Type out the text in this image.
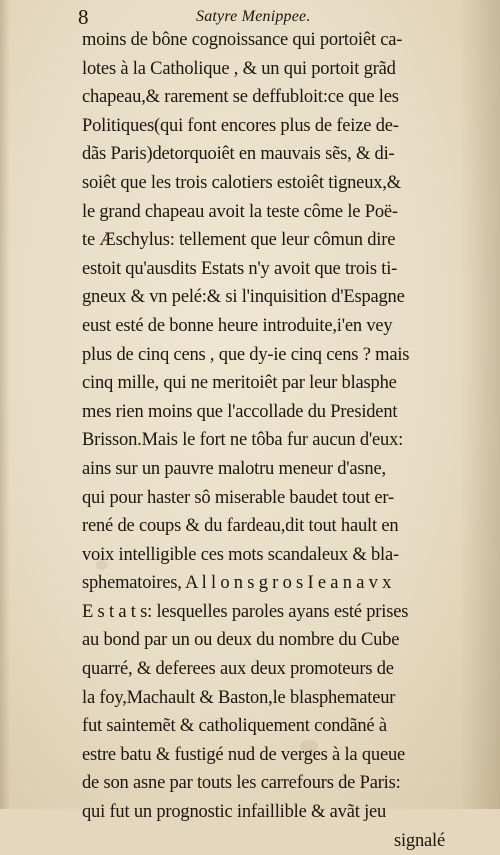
8	Satyre Menippee.
moins de bône cognoissance qui portoiêt ca-
lotes à la Catholique , & un qui portoit grãd
chapeau,& rarement se deffubloit:ce que les
Politiques(qui font encores plus de feize de-
dãs Paris)detorquoiêt en mauvais sẽs, & di-
soiêt que les trois calotiers estoiêt tigneux,&
le grand chapeau avoit la teste côme le Poë-
te Æschylus: tellement que leur cômun dire
estoit qu'ausdits Estats n'y avoit que trois ti-
gneux & vn pelé:& si l'inquisition d'Espagne
eust esté de bonne heure introduite,i'en vey
plus de cinq cens , que dy-ie cinq cens ? mais
cinq mille, qui ne meritoiêt par leur blasphe
mes rien moins que l'accollade du President
Brisson.Mais le fort ne tôba fur aucun d'eux:
ains sur un pauvre malotru meneur d'asne,
qui pour haster sô miserable baudet tout er-
rené de coups & du fardeau,dit tout hault en
voix intelligible ces mots scandaleux & bla-
sphematoires, A l l o n s g r o s I e a n a v x
E s t a t s: lesquelles paroles ayans esté prises
au bond par un ou deux du nombre du Cube
quarré, & deferees aux deux promoteurs de
la foy,Machault & Baston,le blasphemateur
fut saintemẽt & catholiquement condãné à
estre batu & fustigé nud de verges à la queue
de son asne par touts les carrefours de Paris:
qui fut un prognostic infaillible & avãt jeu
signalé
